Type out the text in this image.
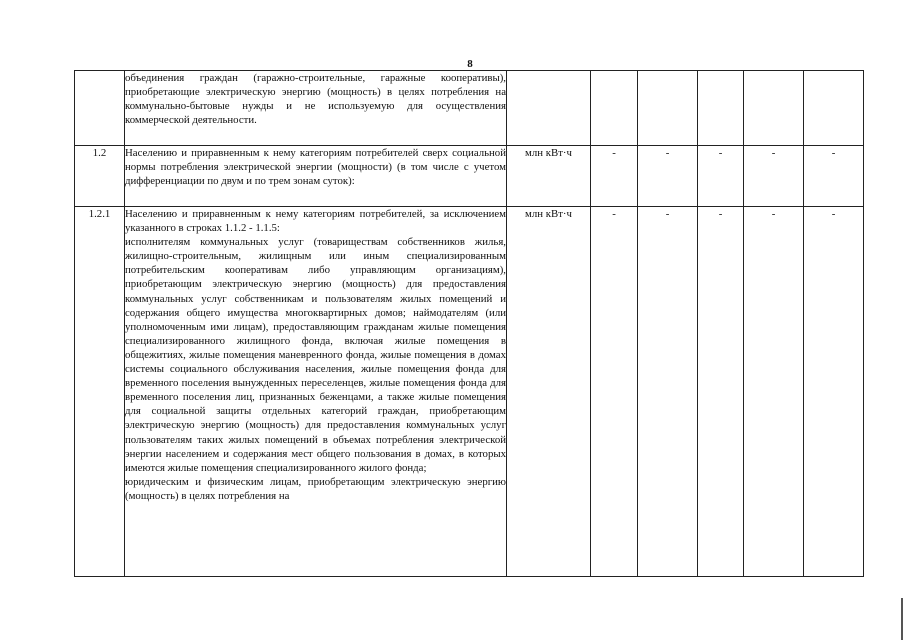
8

	объединения граждан (гаражно-строительные, гаражные кооперативы), приобретающие электрическую энергию (мощность) в целях потребления на коммунально-бытовые нужды и не используемую для осуществления коммерческой деятельности.						

1.2	Населению и приравненным к нему категориям потребителей сверх социальной нормы потребления электрической энергии (мощности) (в том числе с учетом дифференциации по двум и по трем зонам суток):	млн кВт·ч	-	-	-	-	-
1.2.1	Населению и приравненным к нему категориям потребителей, за исключением указанного в строках 1.1.2 - 1.1.5:
исполнителям коммунальных услуг (товариществам собственников жилья, жилищно-строительным, жилищным или иным специализированным потребительским кооперативам либо управляющим организациям), приобретающим электрическую энергию (мощность) для предоставления коммунальных услуг собственникам и пользователям жилых помещений и содержания общего имущества многоквартирных домов; наймодателям (или уполномоченным ими лицам), предоставляющим гражданам жилые помещения специализированного жилищного фонда, включая жилые помещения в общежитиях, жилые помещения маневренного фонда, жилые помещения в домах системы социального обслуживания населения, жилые помещения фонда для временного поселения вынужденных переселенцев, жилые помещения фонда для временного поселения лиц, признанных беженцами, а также жилые помещения для социальной защиты отдельных категорий граждан, приобретающим электрическую энергию (мощность) для предоставления коммунальных услуг пользователям таких жилых помещений в объемах потребления электрической энергии населением и содержания мест общего пользования в домах, в которых имеются жилые помещения специализированного жилого фонда;
юридическим и физическим лицам, приобретающим электрическую энергию (мощность) в целях потребления на	млн кВт·ч	-	-	-	-	-
